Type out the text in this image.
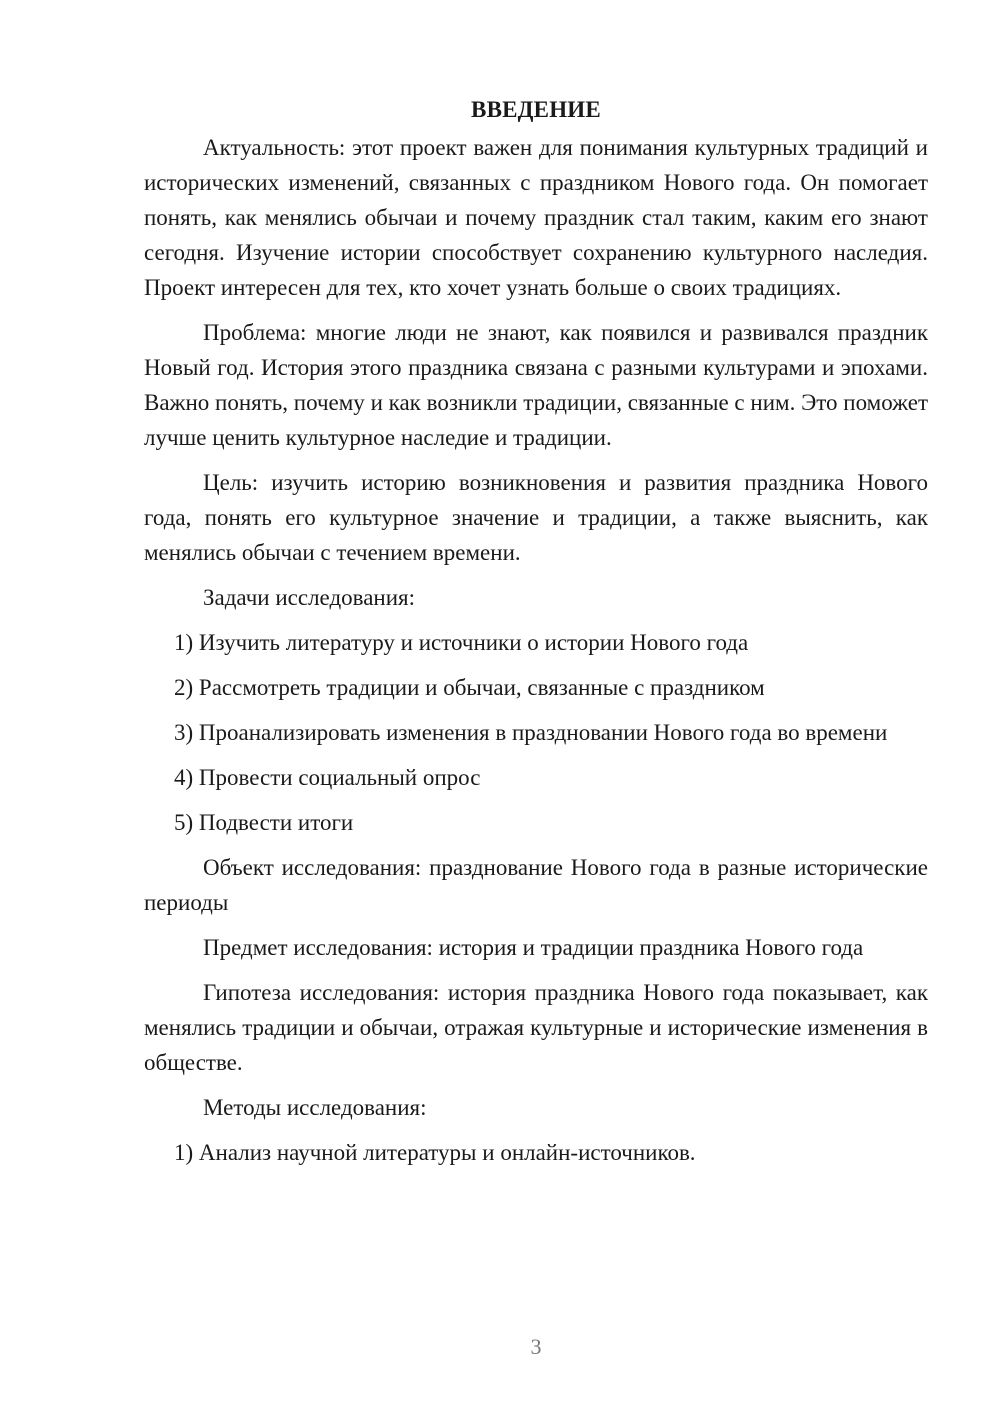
ВВЕДЕНИЕ

Актуальность: этот проект важен для понимания культурных традиций и исторических изменений, связанных с праздником Нового года. Он помогает понять, как менялись обычаи и почему праздник стал таким, каким его знают сегодня. Изучение истории способствует сохранению культурного наследия. Проект интересен для тех, кто хочет узнать больше о своих традициях.

Проблема: многие люди не знают, как появился и развивался праздник Новый год. История этого праздника связана с разными культурами и эпохами. Важно понять, почему и как возникли традиции, связанные с ним. Это поможет лучше ценить культурное наследие и традиции.

Цель: изучить историю возникновения и развития праздника Нового года, понять его культурное значение и традиции, а также выяснить, как менялись обычаи с течением времени.

Задачи исследования:

1) Изучить литературу и источники о истории Нового года

2) Рассмотреть традиции и обычаи, связанные с праздником

3) Проанализировать изменения в праздновании Нового года во времени

4) Провести социальный опрос

5) Подвести итоги

Объект исследования: празднование Нового года в разные исторические периоды

Предмет исследования: история и традиции праздника Нового года

Гипотеза исследования: история праздника Нового года показывает, как менялись традиции и обычаи, отражая культурные и исторические изменения в обществе.

Методы исследования:

1) Анализ научной литературы и онлайн-источников.

3
